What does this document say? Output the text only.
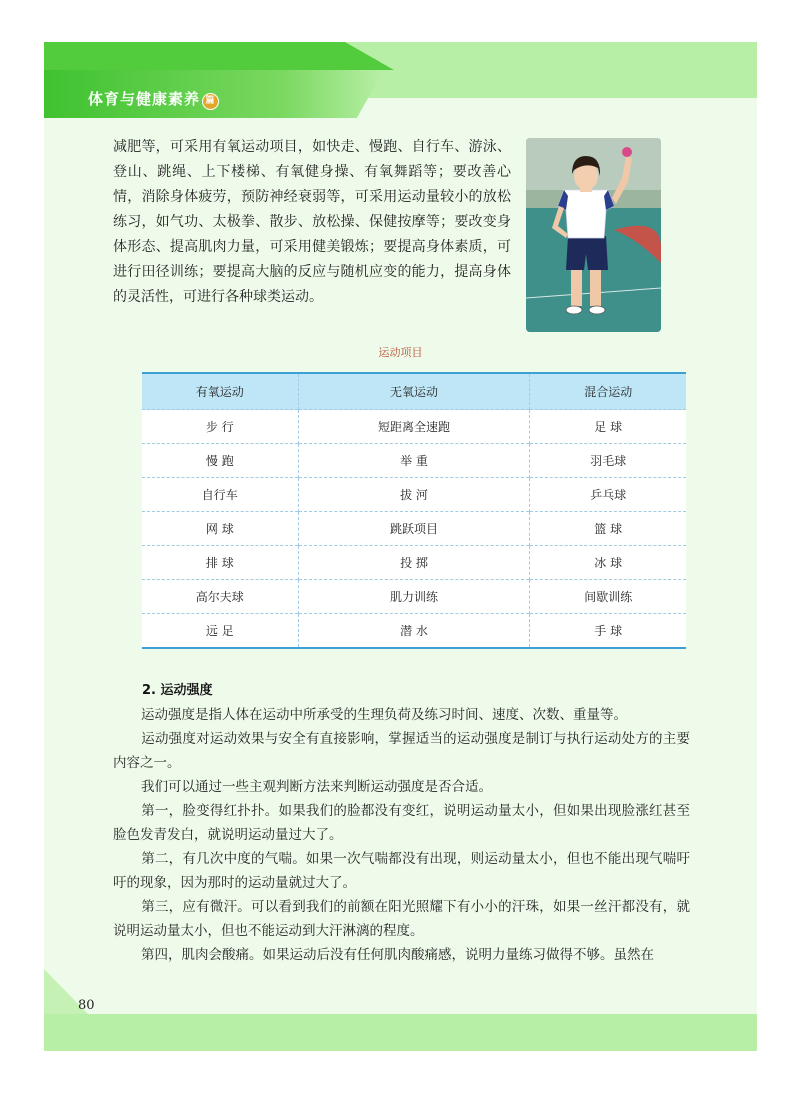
体育与健康素养 篇
减肥等，可采用有氧运动项目，如快走、慢跑、自行车、游泳、登山、跳绳、上下楼梯、有氧健身操、有氧舞蹈等；要改善心情，消除身体疲劳，预防神经衰弱等，可采用运动量较小的放松练习，如气功、太极拳、散步、放松操、保健按摩等；要改变身体形态、提高肌肉力量，可采用健美锻炼；要提高身体素质，可进行田径训练；要提高大脑的反应与随机应变的能力，提高身体的灵活性，可进行各种球类运动。
运动项目
有氧运动	无氧运动	混合运动
步 行	短距离全速跑	足 球
慢 跑	举 重	羽毛球
自行车	拔 河	乒乓球
网 球	跳跃项目	篮 球
排 球	投 掷	冰 球
高尔夫球	肌力训练	间歇训练
远 足	潜 水	手 球
2. 运动强度
运动强度是指人体在运动中所承受的生理负荷及练习时间、速度、次数、重量等。
运动强度对运动效果与安全有直接影响，掌握适当的运动强度是制订与执行运动处方的主要内容之一。
我们可以通过一些主观判断方法来判断运动强度是否合适。
第一，脸变得红扑扑。如果我们的脸都没有变红，说明运动量太小，但如果出现脸涨红甚至脸色发青发白，就说明运动量过大了。
第二，有几次中度的气喘。如果一次气喘都没有出现，则运动量太小，但也不能出现气喘吁吁的现象，因为那时的运动量就过大了。
第三，应有微汗。可以看到我们的前额在阳光照耀下有小小的汗珠，如果一丝汗都没有，就说明运动量太小，但也不能运动到大汗淋漓的程度。
第四，肌肉会酸痛。如果运动后没有任何肌肉酸痛感，说明力量练习做得不够。虽然在
80
